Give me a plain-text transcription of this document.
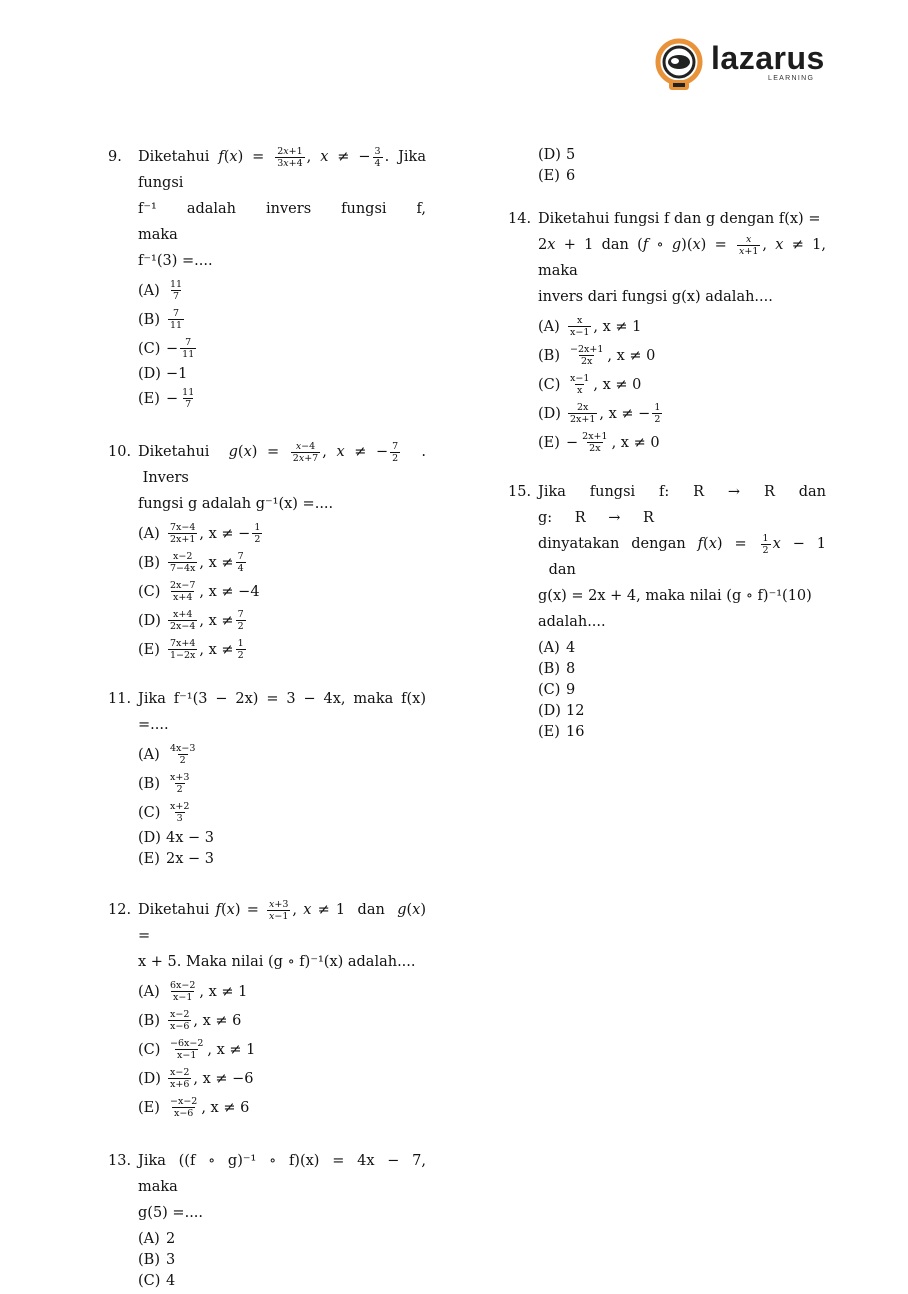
lazarus
LEARNING
9. Diketahui $f(x) = \frac{2x+1}{3x+4}$ , x ≠ − $\frac{3}{4}$ . Jika fungsi
f⁻¹ adalah invers fungsi f, maka
f⁻¹(3) =....
$(A) \frac{11}{7}$
$(B) \frac{7}{11}$
$(C) - \frac{7}{11}$
(D) −1
$(E) - \frac{11}{7}$
10. Diketahui  $g(x) = \frac{x-4}{2x+7}$ , x ≠ − $\frac{7}{2}$ .  Invers
fungsi g adalah g⁻¹(x) =....
$(A) \frac{7x-4}{2x+1}$ , x ≠ − $\frac{1}{2}$
$(B) \frac{x-2}{7-4x}$ , $x \ne \frac{7}{4}$
$(C) \frac{2x-7}{x+4}$ , x ≠ −4
$(D) \frac{x+4}{2x-4}$ , $x \ne \frac{7}{2}$
$(E) \frac{7x+4}{1-2x}$ , $x \ne \frac{1}{2}$
11. Jika f⁻¹(3 − 2x) = 3 − 4x, maka f(x) =....
$(A) \frac{4x-3}{2}$
$(B) \frac{x+3}{2}$
$(C) \frac{x+2}{3}$
(D) 4x − 3
(E) 2x − 3
12. Diketahui $f(x) = \frac{x+3}{x-1}$ , x ≠ 1  dan  g(x) =
x + 5. Maka nilai (g ∘ f)⁻¹(x) adalah....
$(A) \frac{6x-2}{x-1}$ , x ≠ 1
$(B) \frac{x-2}{x-6}$ , x ≠ 6
$(C) \frac{-6x-2}{x-1}$ , x ≠ 1
$(D) \frac{x-2}{x+6}$ , x ≠ −6
$(E) \frac{-x-2}{x-6}$ , x ≠ 6
13. Jika ((f ∘ g)⁻¹ ∘ f)(x) = 4x − 7, maka
g(5) =....
(A) 2
(B) 3
(C) 4
(D) 5
(E) 6
14. Diketahui fungsi f dan g dengan f(x) =
2x + 1 dan (f ∘ $g)(x) = \frac{x}{x+1}$ , x ≠ 1, maka
invers dari fungsi g(x) adalah....
$(A) \frac{x}{x-1}$ , x ≠ 1
$(B) \frac{-2x+1}{2x}$ , x ≠ 0
$(C) \frac{x-1}{x}$ , x ≠ 0
$(D) \frac{2x}{2x+1}$ , x ≠ − $\frac{1}{2}$
$(E) - \frac{2x+1}{2x}$ , x ≠ 0
15. Jika fungsi f: R → R dan g: R → R
dinyatakan dengan $f(x) = \frac{1}{2}$ x − 1  dan
g(x) = 2x + 4, maka nilai (g ∘ f)⁻¹(10)
adalah....
(A) 4
(B) 8
(C) 9
(D) 12
(E) 16
